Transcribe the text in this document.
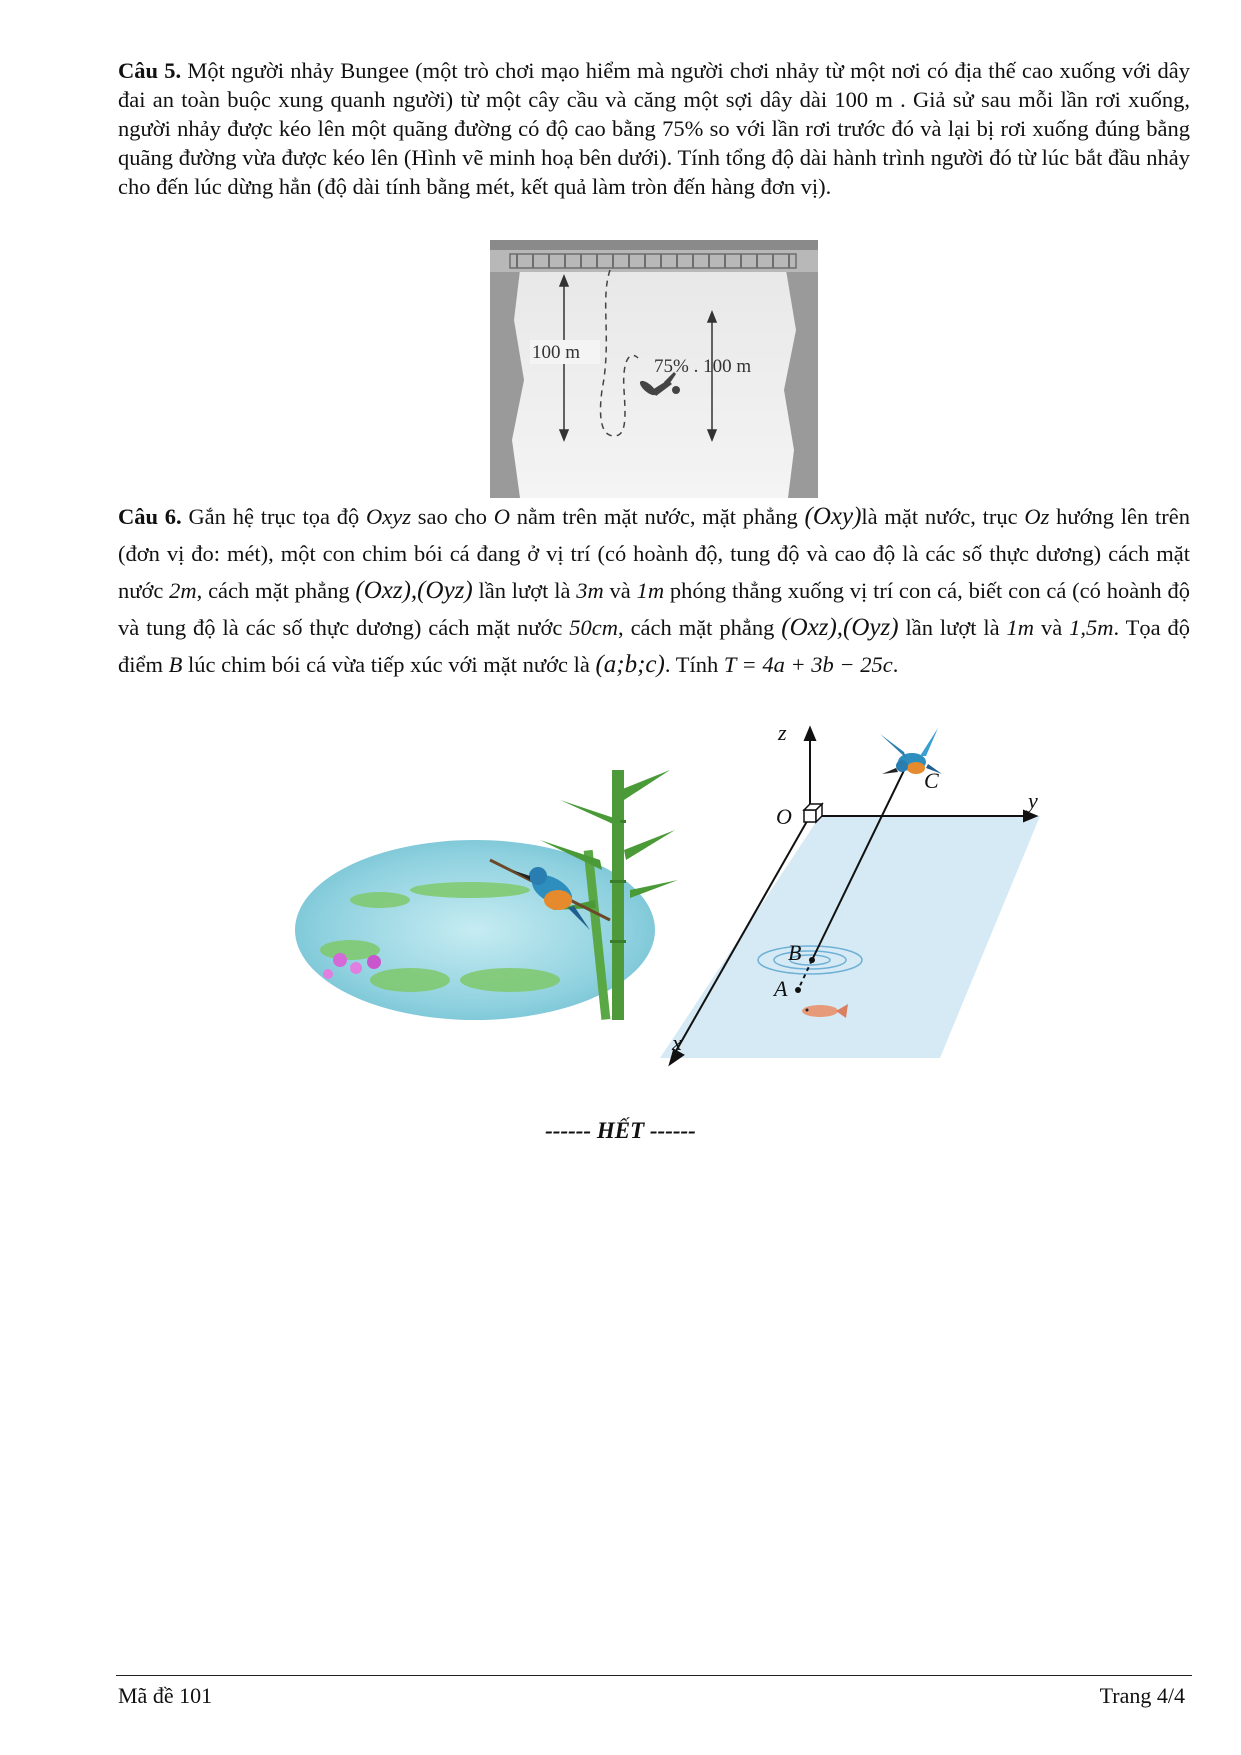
Câu 5. Một người nhảy Bungee (một trò chơi mạo hiểm mà người chơi nhảy từ một nơi có địa thế cao xuống với dây đai an toàn buộc xung quanh người) từ một cây cầu và căng một sợi dây dài 100 m . Giả sử sau mỗi lần rơi xuống, người nhảy được kéo lên một quãng đường có độ cao bằng 75% so với lần rơi trước đó và lại bị rơi xuống đúng bằng quãng đường vừa được kéo lên (Hình vẽ minh hoạ bên dưới). Tính tổng độ dài hành trình người đó từ lúc bắt đầu nhảy cho đến lúc dừng hẳn (độ dài tính bằng mét, kết quả làm tròn đến hàng đơn vị).

100 m
75% . 100 m

Câu 6. Gắn hệ trục tọa độ Oxyz sao cho O nằm trên mặt nước, mặt phẳng (Oxy)là mặt nước, trục Oz hướng lên trên (đơn vị đo: mét), một con chim bói cá đang ở vị trí (có hoành độ, tung độ và cao độ là các số thực dương) cách mặt nước 2m, cách mặt phẳng (Oxz),(Oyz) lần lượt là 3m và 1m phóng thẳng xuống vị trí con cá, biết con cá (có hoành độ và tung độ là các số thực dương) cách mặt nước 50cm, cách mặt phẳng (Oxz),(Oyz) lần lượt là 1m và 1,5m. Tọa độ điểm B lúc chim bói cá vừa tiếp xúc với mặt nước là (a;b;c). Tính T = 4a + 3b − 25c.

z
y
x
O
B
A
C
------ HẾT ------
Mã đề 101	Trang 4/4
